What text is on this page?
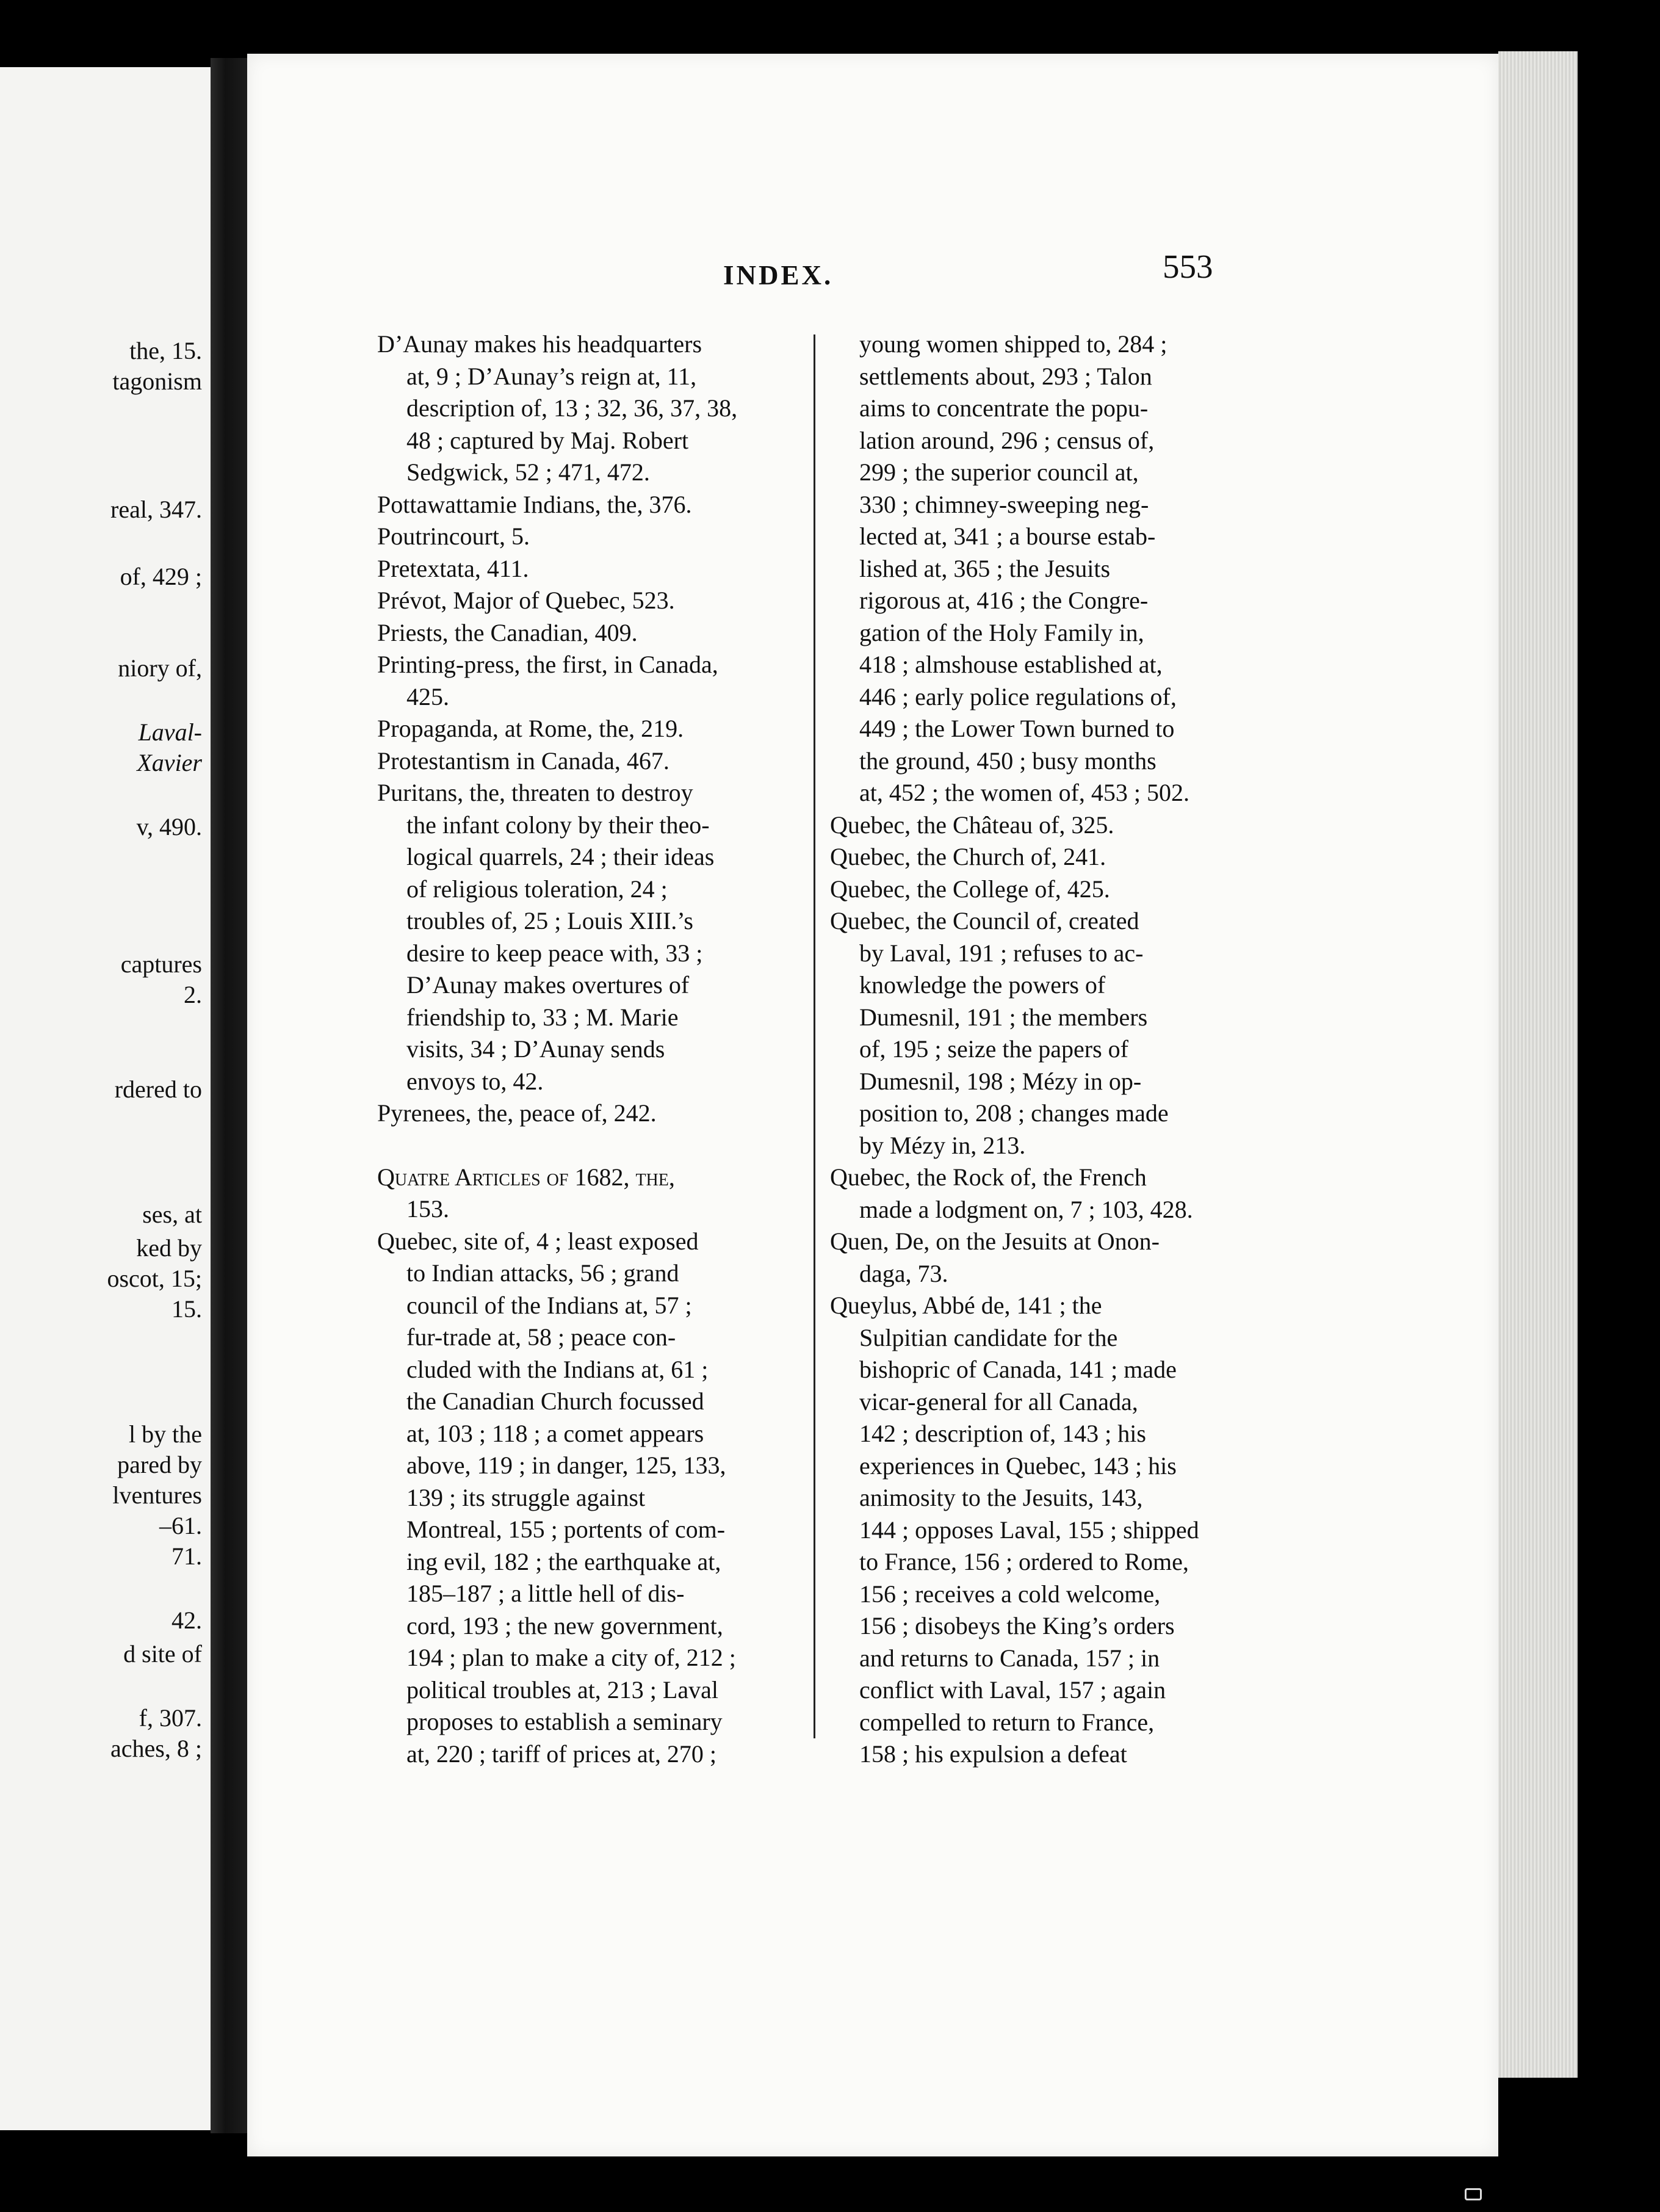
the, 15.
tagonism
real, 347.
of, 429 ;
niory of,
Laval-
Xavier
v, 490.
captures
2.
rdered to
ses, at
ked by
oscot, 15;
15.
l by the
pared by
lventures
–61.
71.
42.
d site of
f, 307.
aches, 8 ;
INDEX.	553
D’Aunay makes his headquarters
at, 9 ; D’Aunay’s reign at, 11,
description of, 13 ; 32, 36, 37, 38,
48 ; captured by Maj. Robert
Sedgwick, 52 ; 471, 472.
Pottawattamie Indians, the, 376.
Poutrincourt, 5.
Pretextata, 411.
Prévot, Major of Quebec, 523.
Priests, the Canadian, 409.
Printing-press, the first, in Canada,
425.
Propaganda, at Rome, the, 219.
Protestantism in Canada, 467.
Puritans, the, threaten to destroy
the infant colony by their theo-
logical quarrels, 24 ; their ideas
of religious toleration, 24 ;
troubles of, 25 ; Louis XIII.’s
desire to keep peace with, 33 ;
D’Aunay makes overtures of
friendship to, 33 ; M. Marie
visits, 34 ; D’Aunay sends
envoys to, 42.
Pyrenees, the, peace of, 242.
Quatre Articles of 1682, the,
153.
Quebec, site of, 4 ; least exposed
to Indian attacks, 56 ; grand
council of the Indians at, 57 ;
fur-trade at, 58 ; peace con-
cluded with the Indians at, 61 ;
the Canadian Church focussed
at, 103 ; 118 ; a comet appears
above, 119 ; in danger, 125, 133,
139 ; its struggle against
Montreal, 155 ; portents of com-
ing evil, 182 ; the earthquake at,
185–187 ; a little hell of dis-
cord, 193 ; the new government,
194 ; plan to make a city of, 212 ;
political troubles at, 213 ; Laval
proposes to establish a seminary
at, 220 ; tariff of prices at, 270 ;
young women shipped to, 284 ;
settlements about, 293 ; Talon
aims to concentrate the popu-
lation around, 296 ; census of,
299 ; the superior council at,
330 ; chimney-sweeping neg-
lected at, 341 ; a bourse estab-
lished at, 365 ; the Jesuits
rigorous at, 416 ; the Congre-
gation of the Holy Family in,
418 ; almshouse established at,
446 ; early police regulations of,
449 ; the Lower Town burned to
the ground, 450 ; busy months
at, 452 ; the women of, 453 ; 502.
Quebec, the Château of, 325.
Quebec, the Church of, 241.
Quebec, the College of, 425.
Quebec, the Council of, created
by Laval, 191 ; refuses to ac-
knowledge the powers of
Dumesnil, 191 ; the members
of, 195 ; seize the papers of
Dumesnil, 198 ; Mézy in op-
position to, 208 ; changes made
by Mézy in, 213.
Quebec, the Rock of, the French
made a lodgment on, 7 ; 103, 428.
Quen, De, on the Jesuits at Onon-
daga, 73.
Queylus, Abbé de, 141 ; the
Sulpitian candidate for the
bishopric of Canada, 141 ; made
vicar-general for all Canada,
142 ; description of, 143 ; his
experiences in Quebec, 143 ; his
animosity to the Jesuits, 143,
144 ; opposes Laval, 155 ; shipped
to France, 156 ; ordered to Rome,
156 ; receives a cold welcome,
156 ; disobeys the King’s orders
and returns to Canada, 157 ; in
conflict with Laval, 157 ; again
compelled to return to France,
158 ; his expulsion a defeat
